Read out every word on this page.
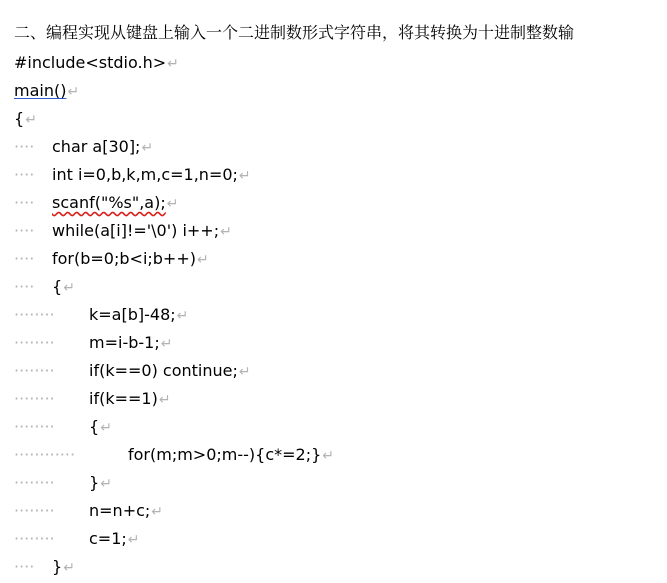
二、编程实现从键盘上输入一个二进制数形式字符串，将其转换为十进制整数输
#include<stdio.h>↵
main()↵
{↵
···· char a[30];↵
···· int i=0,b,k,m,c=1,n=0;↵
···· scanf("%s",a);↵
···· while(a[i]!='\0') i++;↵
···· for(b=0;b<i;b++)↵
···· {↵
········ k=a[b]-48;↵
········ m=i-b-1;↵
········ if(k==0) continue;↵
········ if(k==1)↵
········ {↵
············	for(m;m>0;m--){c*=2;}↵
········ }↵
········ n=n+c;↵
········ c=1;↵
···· }↵
